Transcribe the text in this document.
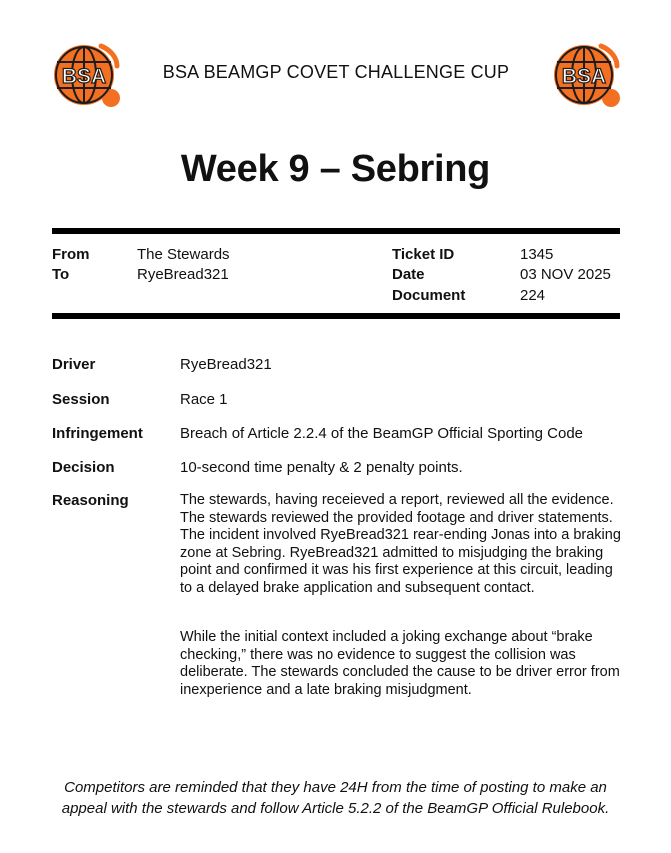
BSA	BSA BEAMGP COVET CHALLENGE CUP	BSA
Week 9 – Sebring
From	The Stewards
To	RyeBread321
Ticket ID	1345
Date	03 NOV 2025
Document	224
Driver	RyeBread321
Session	Race 1
Infringement Breach of Article 2.2.4 of the BeamGP Official Sporting Code
Decision	10-second time penalty & 2 penalty points.
Reasoning	The stewards, having receieved a report, reviewed all the evidence. The stewards reviewed the provided footage and driver statements. The incident involved RyeBread321 rear-ending Jonas into a braking zone at Sebring. RyeBread321 admitted to misjudging the braking point and confirmed it was his first experience at this circuit, leading to a delayed brake application and subsequent contact.
While the initial context included a joking exchange about “brake checking,” there was no evidence to suggest the collision was deliberate. The stewards concluded the cause to be driver error from inexperience and a late braking misjudgment.
Competitors are reminded that they have 24H from the time of posting to make an appeal with the stewards and follow Article 5.2.2 of the BeamGP Official Rulebook.
